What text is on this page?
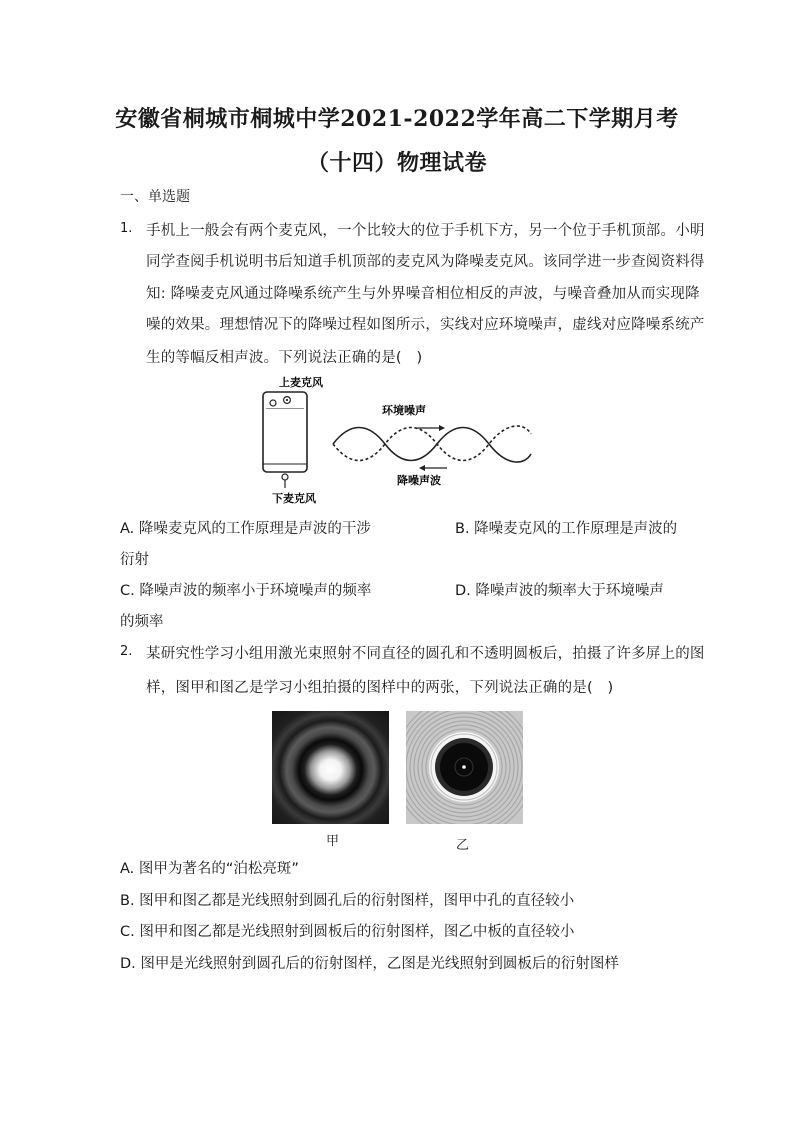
安徽省桐城市桐城中学2021-2022学年高二下学期月考
（十四）物理试卷
一、单选题
1. 手机上一般会有两个麦克风，一个比较大的位于手机下方，另一个位于手机顶部。小明
同学查阅手机说明书后知道手机顶部的麦克风为降噪麦克风。该同学进一步查阅资料得
知: 降噪麦克风通过降噪系统产生与外界噪音相位相反的声波，与噪音叠加从而实现降
噪的效果。理想情况下的降噪过程如图所示，实线对应环境噪声，虚线对应降噪系统产
生的等幅反相声波。下列说法正确的是(　)
上麦克风
下麦克风
环境噪声
降噪声波
A. 降噪麦克风的工作原理是声波的干涉	B. 降噪麦克风的工作原理是声波的
衍射
C. 降噪声波的频率小于环境噪声的频率	D. 降噪声波的频率大于环境噪声
的频率
2. 某研究性学习小组用激光束照射不同直径的圆孔和不透明圆板后，拍摄了许多屏上的图
样，图甲和图乙是学习小组拍摄的图样中的两张，下列说法正确的是(　)
甲	乙
A. 图甲为著名的“泊松亮斑”
B. 图甲和图乙都是光线照射到圆孔后的衍射图样，图甲中孔的直径较小
C. 图甲和图乙都是光线照射到圆板后的衍射图样，图乙中板的直径较小
D. 图甲是光线照射到圆孔后的衍射图样，乙图是光线照射到圆板后的衍射图样
